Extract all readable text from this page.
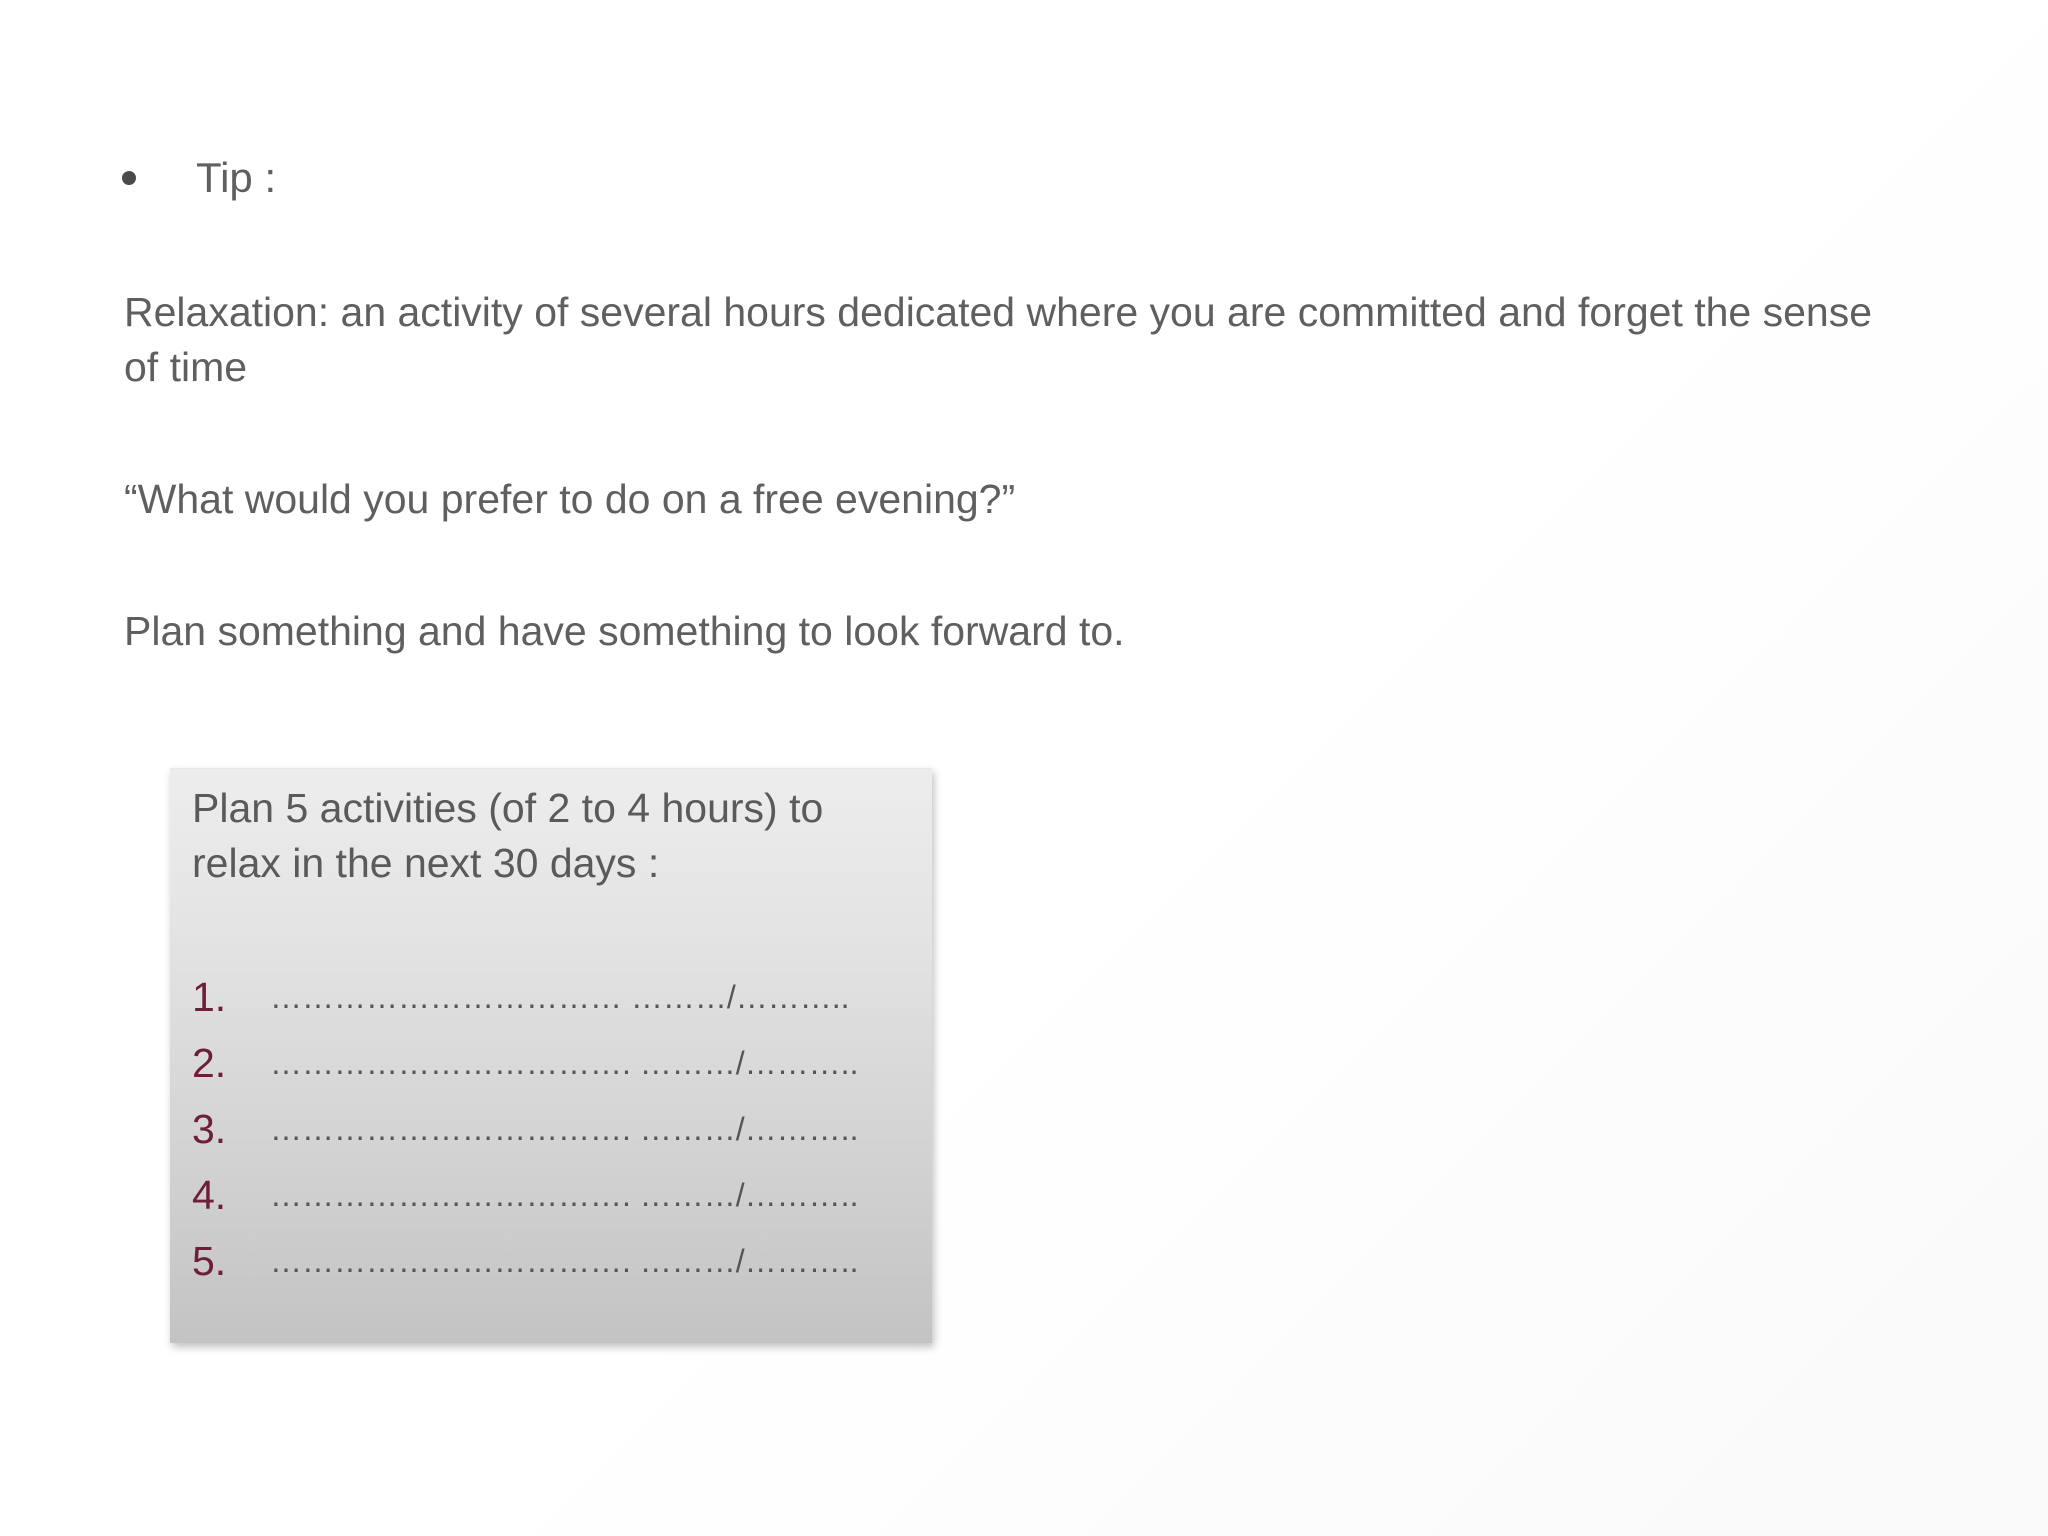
Tip :
Relaxation: an activity of several hours dedicated where you are committed and forget the sense
of time
“What would you prefer to do on a free evening?”
Plan something and have something to look forward to.
Plan 5 activities (of 2 to 4 hours) to
relax in the next 30 days :
1.	…………………………… ………/………..
2.	……………………………. ………/………..
3.	……………………………. ………/………..
4.	……………………………. ………/………..
5.	……………………………. ………/………..
